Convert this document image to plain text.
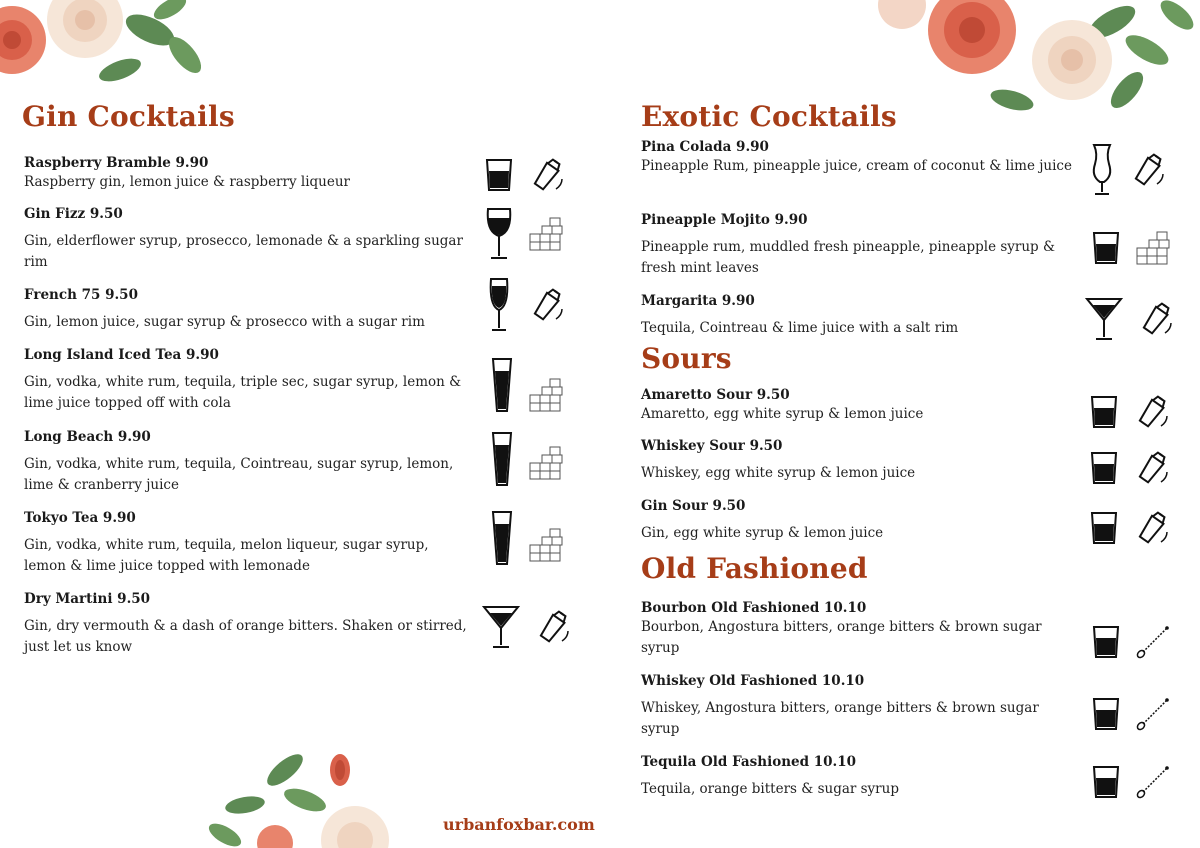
Gin Cocktails
Raspberry Bramble 9.90
Raspberry gin, lemon juice & raspberry liqueur
Gin Fizz 9.50
Gin, elderflower syrup, prosecco, lemonade & a sparkling sugar rim
French 75 9.50
Gin, lemon juice, sugar syrup & prosecco with a sugar rim
Long Island Iced Tea 9.90
Gin, vodka, white rum, tequila, triple sec, sugar syrup, lemon & lime juice topped off with cola
Long Beach 9.90
Gin, vodka, white rum, tequila, Cointreau, sugar syrup, lemon, lime & cranberry juice
Tokyo Tea 9.90
Gin, vodka, white rum, tequila, melon liqueur, sugar syrup, lemon & lime juice topped with lemonade
Dry Martini 9.50
Gin, dry vermouth & a dash of orange bitters. Shaken or stirred, just let us know
Exotic Cocktails
Pina Colada 9.90
Pineapple Rum, pineapple juice, cream of coconut & lime juice
Pineapple Mojito 9.90
Pineapple rum, muddled fresh pineapple, pineapple syrup & fresh mint leaves
Margarita 9.90
Tequila, Cointreau & lime juice with a salt rim
Sours
Amaretto Sour 9.50
Amaretto, egg white syrup & lemon juice
Whiskey Sour 9.50
Whiskey, egg white syrup & lemon juice
Gin Sour 9.50
Gin, egg white syrup & lemon juice
Old Fashioned
Bourbon Old Fashioned 10.10
Bourbon, Angostura bitters, orange bitters & brown sugar syrup
Whiskey Old Fashioned 10.10
Whiskey, Angostura bitters, orange bitters & brown sugar syrup
Tequila Old Fashioned 10.10
Tequila, orange bitters & sugar syrup
urbanfoxbar.com
